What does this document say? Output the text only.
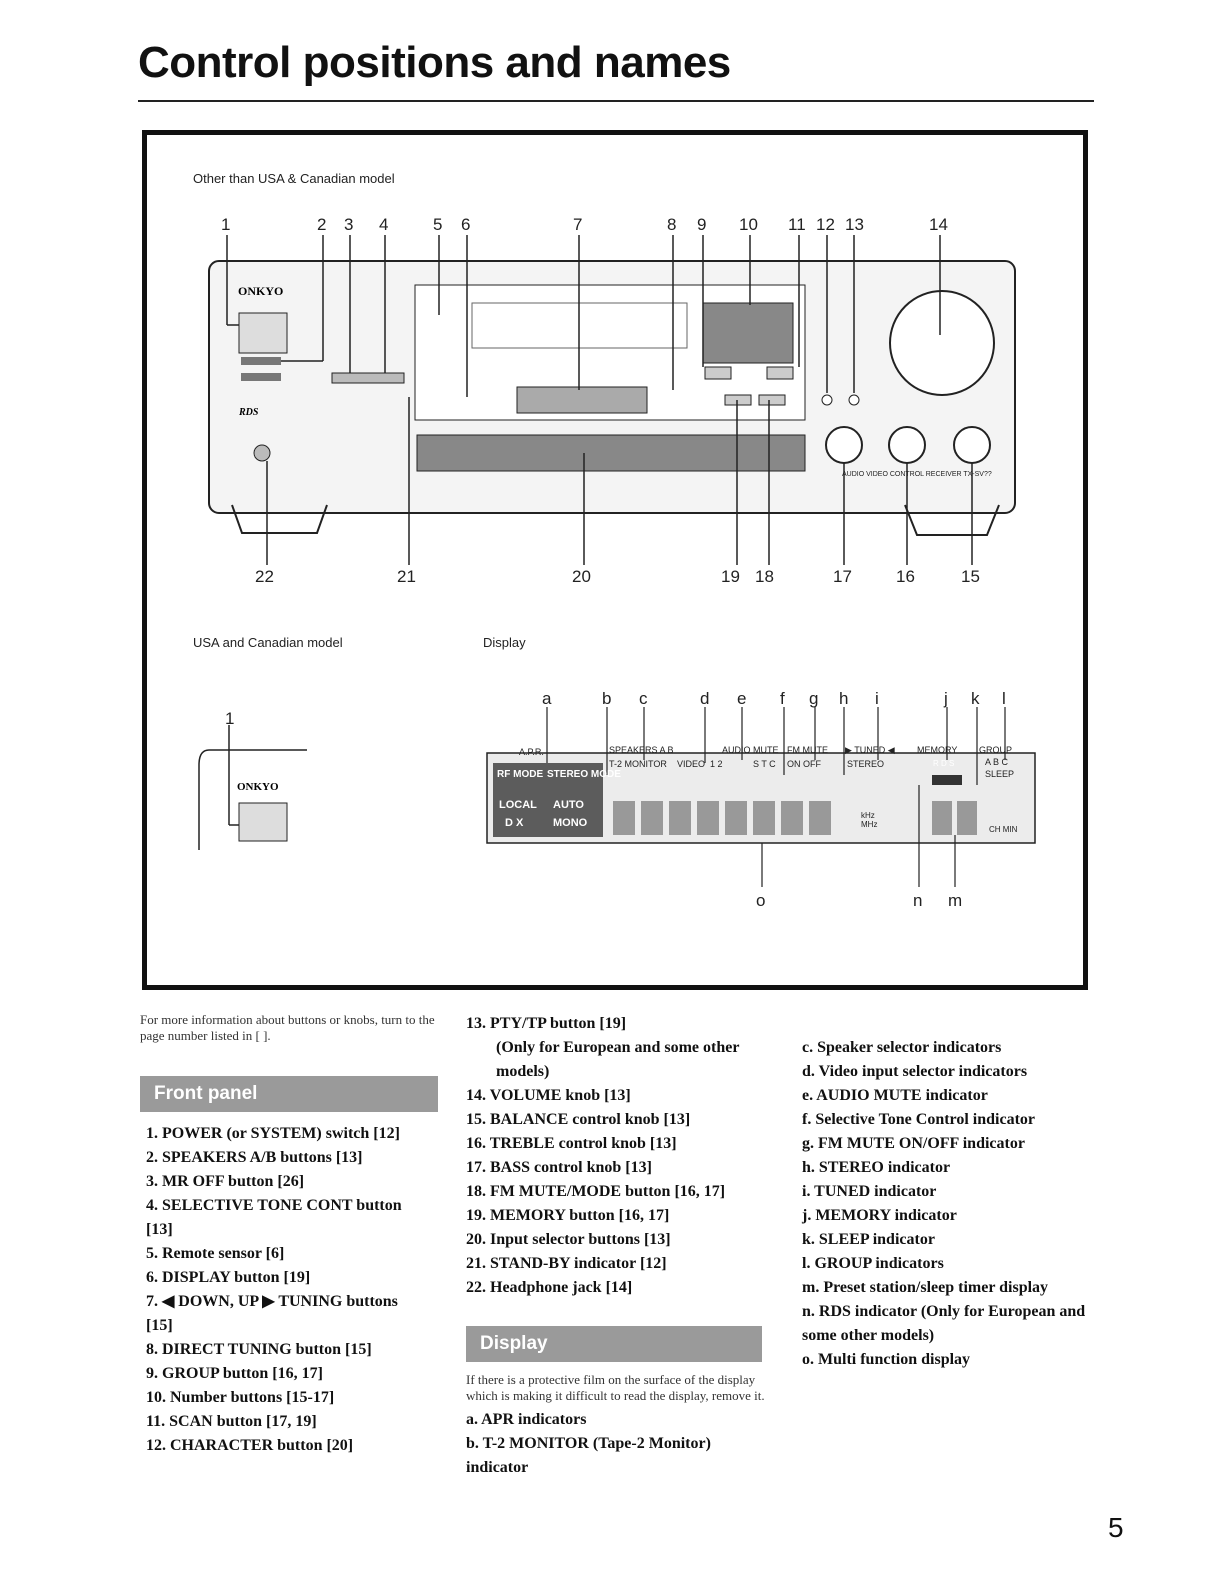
Control positions and names
ONKYO
RDS
ONKYO
Other than USA & Canadian model
USA and Canadian model	Display
1	2 3 4	5 6	7	8 9 10 11 12 13	14
22	21	20	19 18	17	16	15
1
a	b c	d e f g h i	j k l
o	n m
A.P.R.	SPEAKERS A B	AUDIO MUTE FM MUTE ▶ TUNED ◀ MEMORY GROUP
A B C
SLEEP
T-2 MONITOR VIDEO 1 2	S T C ON OFF	STEREO	R D S
RF MODE STEREO MODE
LOCAL AUTO
D X	MONO
kHz MHz
CH MIN
AUDIO VIDEO CONTROL RECEIVER TX-SV??

For more information about buttons or knobs, turn to the page number listed in [ ].

Front panel

1. POWER (or SYSTEM) switch [12]

2. SPEAKERS A/B buttons [13]

3. MR OFF button [26]

4. SELECTIVE TONE CONT button [13]

5. Remote sensor [6]

6. DISPLAY button [19]

7. ◀ DOWN, UP ▶ TUNING buttons [15]

8. DIRECT TUNING button [15]

9. GROUP button [16, 17]

10. Number buttons [15-17]

11. SCAN button [17, 19]

12. CHARACTER button [20]

13. PTY/TP button [19]

(Only for European and some other models)

14. VOLUME knob [13]

15. BALANCE control knob [13]

16. TREBLE control knob [13]

17. BASS control knob [13]

18. FM MUTE/MODE button [16, 17]

19. MEMORY button [16, 17]

20. Input selector buttons [13]

21. STAND-BY indicator [12]

22. Headphone jack [14]

Display

If there is a protective film on the surface of the display which is making it difficult to read the display, remove it.

a. APR indicators

b. T-2 MONITOR (Tape-2 Monitor) indicator

c. Speaker selector indicators

d. Video input selector indicators

e. AUDIO MUTE indicator

f. Selective Tone Control indicator

g. FM MUTE ON/OFF indicator

h. STEREO indicator

i. TUNED indicator

j. MEMORY indicator

k. SLEEP indicator

l. GROUP indicators

m. Preset station/sleep timer display

n. RDS indicator (Only for European and some other models)

o. Multi function display

5
